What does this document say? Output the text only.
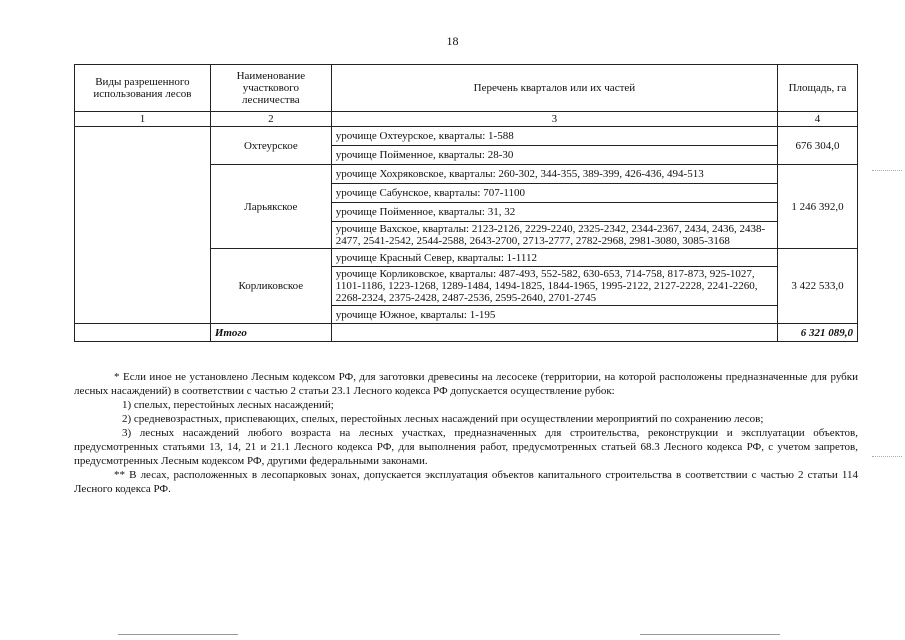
18
Виды разрешенного использования лесов	Наименование участкового лесничества	Перечень кварталов или их частей	Площадь, га
1	2	3	4
	Охтеурское	урочище Охтеурское, кварталы: 1-588	676 304,0
		урочище Пойменное, кварталы: 28-30	
	Ларьякское	урочище Хохряковское, кварталы: 260-302, 344-355, 389-399, 426-436, 494-513	1 246 392,0
		урочище Сабунское, кварталы: 707-1100	
		урочище Пойменное, кварталы: 31, 32	
		урочище Вахское, кварталы: 2123-2126, 2229-2240, 2325-2342, 2344-2367, 2434, 2436, 2438-2477, 2541-2542, 2544-2588, 2643-2700, 2713-2777, 2782-2968, 2981-3080, 3085-3168	
	Корликовское	урочище Красный Север, кварталы: 1-1112	3 422 533,0
		урочище Корликовское, кварталы: 487-493, 552-582, 630-653, 714-758, 817-873, 925-1027, 1101-1186, 1223-1268, 1289-1484, 1494-1825, 1844-1965, 1995-2122, 2127-2228, 2241-2260, 2268-2324, 2375-2428, 2487-2536, 2595-2640, 2701-2745	
		урочище Южное, кварталы: 1-195	
	Итого		6 321 089,0

* Если иное не установлено Лесным кодексом РФ, для заготовки древесины на лесосеке (территории, на которой расположены предназначенные для рубки лесных насаждений) в соответствии с частью 2 статьи 23.1 Лесного кодекса РФ допускается осуществление рубок:

1) спелых, перестойных лесных насаждений;

2) средневозрастных, приспевающих, спелых, перестойных лесных насаждений при осуществлении мероприятий по сохранению лесов;

3) лесных насаждений любого возраста на лесных участках, предназначенных для строительства, реконструкции и эксплуатации объектов, предусмотренных статьями 13, 14, 21 и 21.1 Лесного кодекса РФ, для выполнения работ, предусмотренных статьей 68.3 Лесного кодекса РФ, с учетом запретов, предусмотренных Лесным кодексом РФ, другими федеральными законами.

** В лесах, расположенных в лесопарковых зонах, допускается эксплуатация объектов капитального строительства в соответствии с частью 2 статьи 114 Лесного кодекса РФ.
